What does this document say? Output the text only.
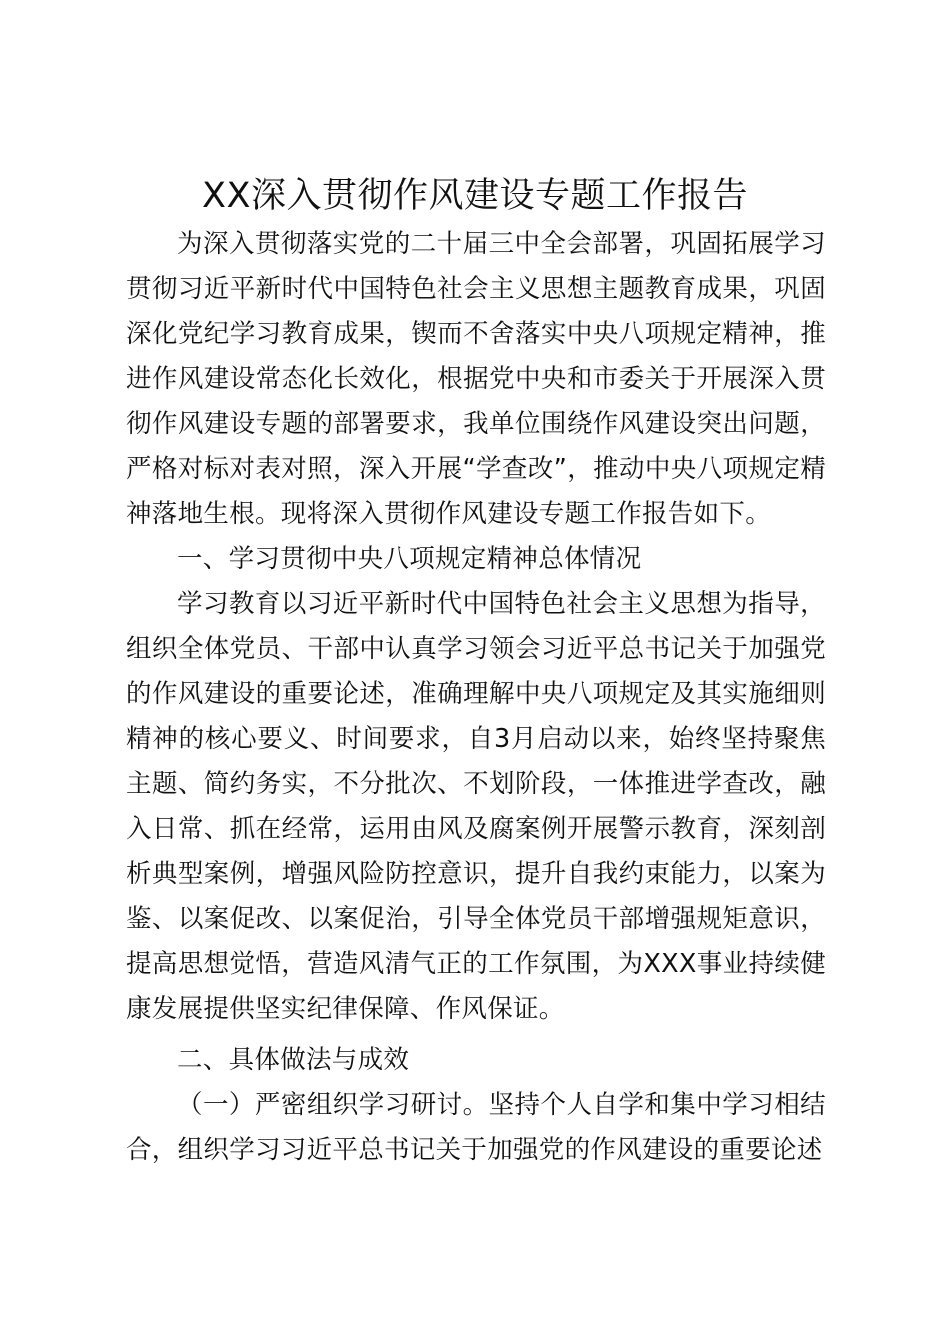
XX深入贯彻作风建设专题工作报告

为深入贯彻落实党的二十届三中全会部署，巩固拓展学习贯彻习近平新时代中国特色社会主义思想主题教育成果，巩固深化党纪学习教育成果，锲而不舍落实中央八项规定精神，推进作风建设常态化长效化，根据党中央和市委关于开展深入贯彻作风建设专题的部署要求，我单位围绕作风建设突出问题，严格对标对表对照，深入开展“学查改”，推动中央八项规定精神落地生根。现将深入贯彻作风建设专题工作报告如下。

一、学习贯彻中央八项规定精神总体情况

学习教育以习近平新时代中国特色社会主义思想为指导，组织全体党员、干部中认真学习领会习近平总书记关于加强党的作风建设的重要论述，准确理解中央八项规定及其实施细则精神的核心要义、时间要求，自3月启动以来，始终坚持聚焦主题、简约务实，不分批次、不划阶段，一体推进学查改，融入日常、抓在经常，运用由风及腐案例开展警示教育，深刻剖析典型案例，增强风险防控意识，提升自我约束能力，以案为鉴、以案促改、以案促治，引导全体党员干部增强规矩意识，提高思想觉悟，营造风清气正的工作氛围，为XXX事业持续健康发展提供坚实纪律保障、作风保证。

二、具体做法与成效

（一）严密组织学习研讨。坚持个人自学和集中学习相结合，组织学习习近平总书记关于加强党的作风建设的重要论述
